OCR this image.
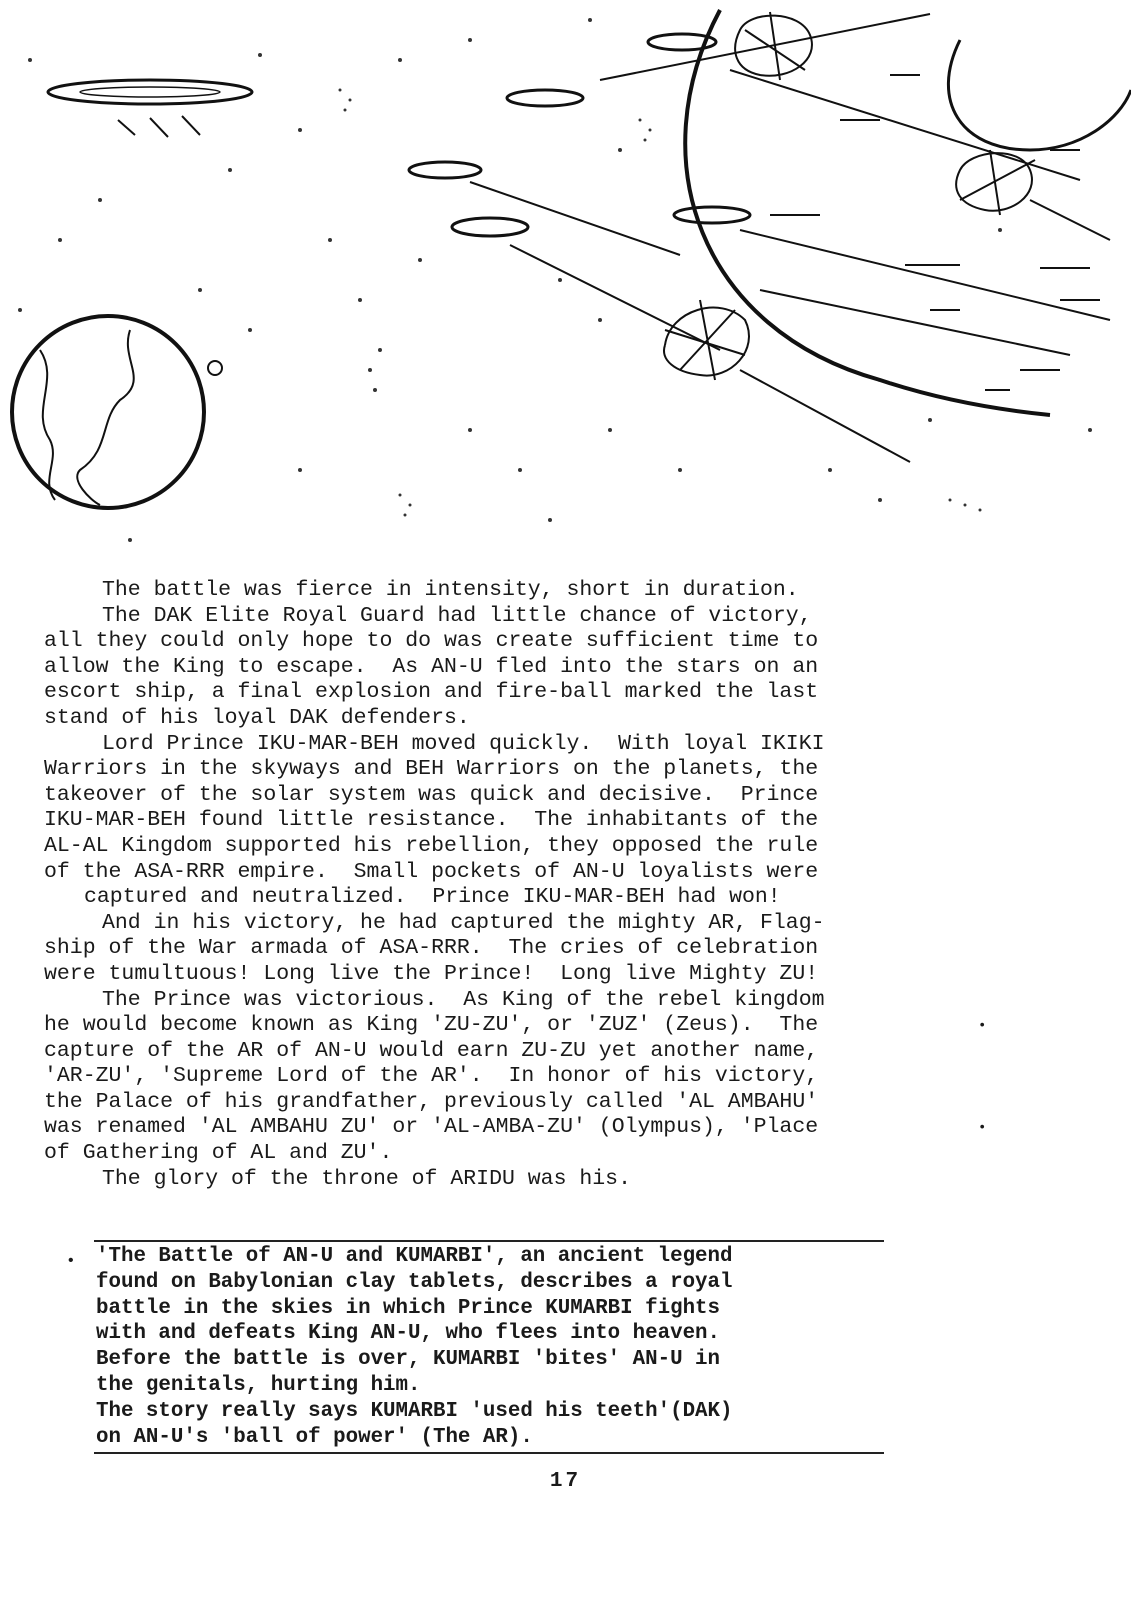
The battle was fierce in intensity, short in duration.
The DAK Elite Royal Guard had little chance of victory,
all they could only hope to do was create sufficient time to
allow the King to escape.  As AN-U fled into the stars on an
escort ship, a final explosion and fire-ball marked the last
stand of his loyal DAK defenders.
Lord Prince IKU-MAR-BEH moved quickly.  With loyal IKIKI
Warriors in the skyways and BEH Warriors on the planets, the
takeover of the solar system was quick and decisive.  Prince
IKU-MAR-BEH found little resistance.  The inhabitants of the
AL-AL Kingdom supported his rebellion, they opposed the rule
of the ASA-RRR empire.  Small pockets of AN-U loyalists were
captured and neutralized.  Prince IKU-MAR-BEH had won!
And in his victory, he had captured the mighty AR, Flag-
ship of the War armada of ASA-RRR.  The cries of celebration
were tumultuous! Long live the Prince!  Long live Mighty ZU!
The Prince was victorious.  As King of the rebel kingdom
he would become known as King 'ZU-ZU', or 'ZUZ' (Zeus).  The
capture of the AR of AN-U would earn ZU-ZU yet another name,
'AR-ZU', 'Supreme Lord of the AR'.  In honor of his victory,
the Palace of his grandfather, previously called 'AL AMBAHU'
was renamed 'AL AMBAHU ZU' or 'AL-AMBA-ZU' (Olympus), 'Place
of Gathering of AL and ZU'.
The glory of the throne of ARIDU was his.
•
•
• 'The Battle of AN-U and KUMARBI', an ancient legend
found on Babylonian clay tablets, describes a royal
battle in the skies in which Prince KUMARBI fights
with and defeats King AN-U, who flees into heaven.
Before the battle is over, KUMARBI 'bites' AN-U in
the genitals, hurting him.
The story really says KUMARBI 'used his teeth'(DAK)
on AN-U's 'ball of power' (The AR).
17
